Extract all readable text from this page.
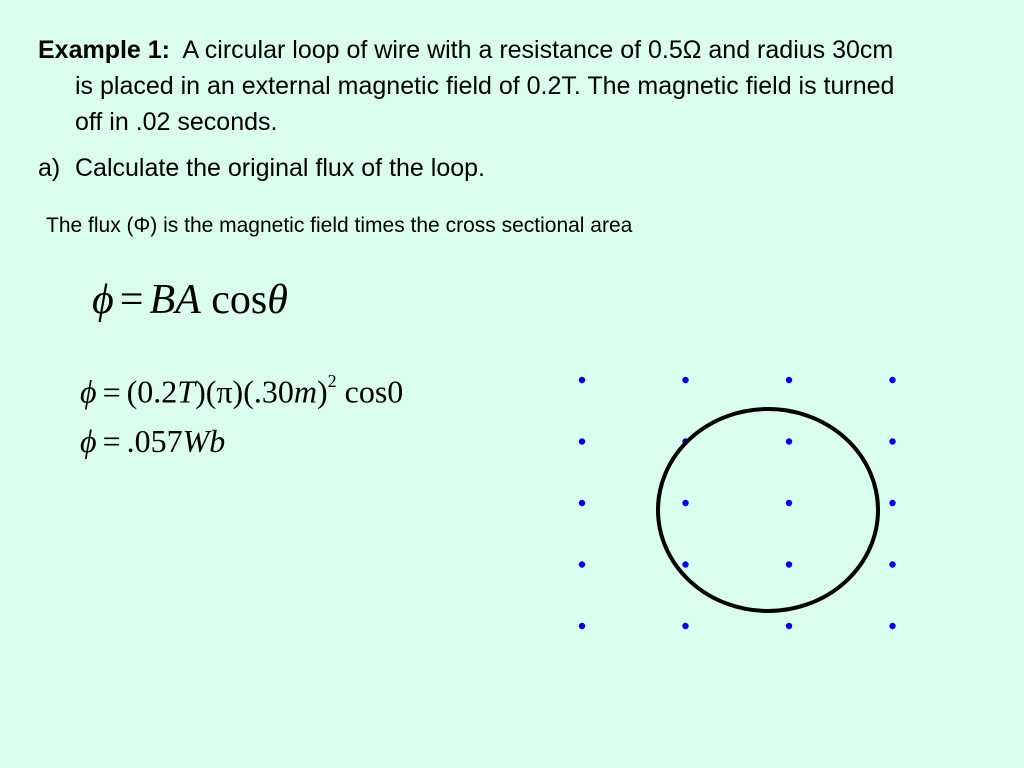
Example 1: A circular loop of wire with a resistance of 0.5Ω and radius 30cm is placed in an external magnetic field of 0.2T. The magnetic field is turned off in .02 seconds.

a) Calculate the original flux of the loop.
The flux (Φ) is the magnetic field times the cross sectional area
ϕ = BA cosθ
$\phi = (0.2T)(\pi)(.30m)^2$ cos0
ϕ = .057Wb
